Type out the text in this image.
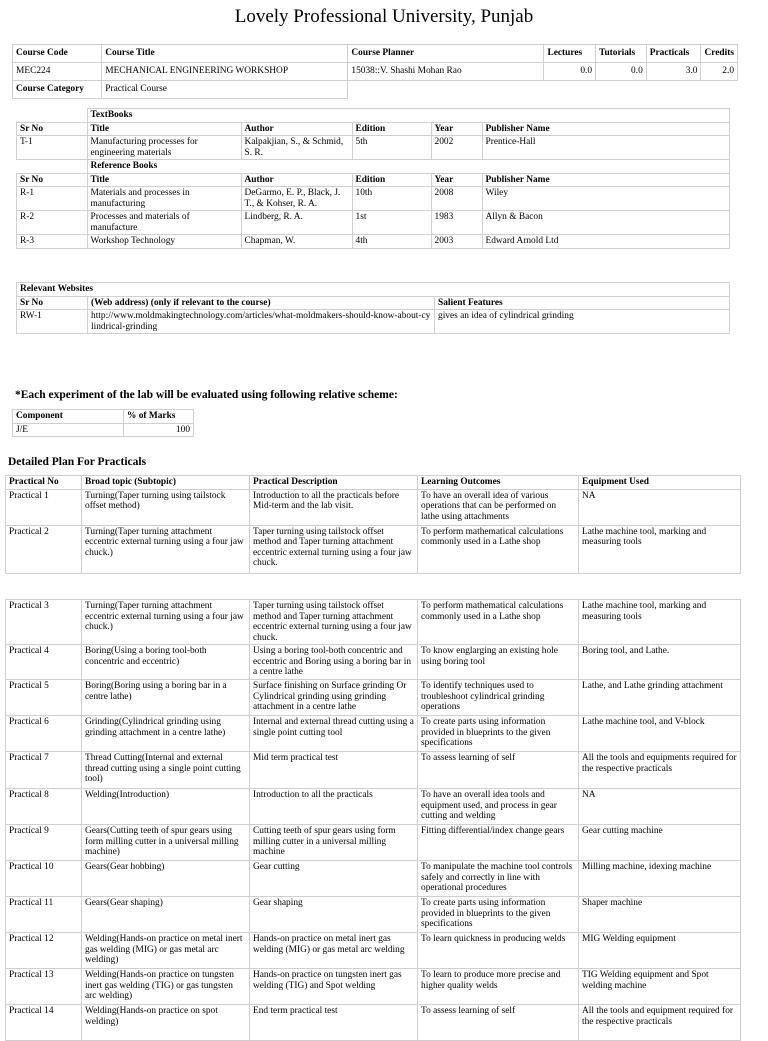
Lovely Professional University, Punjab
Course Code	Course Title	Course Planner	Lectures	Tutorials	Practicals	Credits
MEC224	MECHANICAL ENGINEERING WORKSHOP	15038::V. Shashi Mohan Rao	0.0	0.0	3.0	2.0
Course Category	Practical Course					
	TextBooks				
Sr No	Title	Author	Edition	Year	Publisher Name
T-1	Manufacturing processes for engineering materials	Kalpakjian, S., & Schmid, S. R.	5th	2002	Prentice-Hall
	Reference Books				
Sr No	Title	Author	Edition	Year	Publisher Name
R-1	Materials and processes in manufacturing	DeGarmo, E. P., Black, J. T., & Kohser, R. A.	10th	2008	Wiley
R-2	Processes and materials of manufacture	Lindberg, R. A.	1st	1983	Allyn & Bacon
R-3	Workshop Technology	Chapman, W.	4th	2003	Edward Arnold Ltd
Relevant Websites		
Sr No	(Web address) (only if relevant to the course)	Salient Features
RW-1	http://www.moldmakingtechnology.com/articles/what-moldmakers-should-know-about-cylindrical-grinding	gives an idea of cylindrical grinding
*Each experiment of the lab will be evaluated using following relative scheme:
Component	% of Marks
J/E	100
Detailed Plan For Practicals
Practical No	Broad topic (Subtopic)	Practical Description	Learning Outcomes	Equipment Used
Practical 1	Turning(Taper turning using tailstock offset method)	Introduction to all the practicals before Mid-term and the lab visit.	To have an overall idea of various operations that can be performed on lathe using attachments	NA
Practical 2	Turning(Taper turning attachment eccentric external turning using a four jaw chuck.)	Taper turning using tailstock offset method and Taper turning attachment eccentric external turning using a four jaw chuck.	To perform mathematical calculations commonly used in a Lathe shop	Lathe machine tool, marking and measuring tools
Practical 3	Turning(Taper turning attachment eccentric external turning using a four jaw chuck.)	Taper turning using tailstock offset method and Taper turning attachment eccentric external turning using a four jaw chuck.	To perform mathematical calculations commonly used in a Lathe shop	Lathe machine tool, marking and measuring tools
Practical 4	Boring(Using a boring tool-both concentric and eccentric)	Using a boring tool-both concentric and eccentric and Boring using a boring bar in a centre lathe	To know englarging an existing hole using boring tool	Boring tool, and Lathe.
Practical 5	Boring(Boring using a boring bar in a centre lathe)	Surface finishing on Surface grinding Or Cylindrical grinding using grinding attachment in a centre lathe	To identify techniques used to troubleshoot cylindrical grinding operations	Lathe, and Lathe grinding attachment
Practical 6	Grinding(Cylindrical grinding using grinding attachment in a centre lathe)	Internal and external thread cutting using a single point cutting tool	To create parts using information provided in blueprints to the given specifications	Lathe machine tool, and V-block
Practical 7	Thread Cutting(Internal and external thread cutting using a single point cutting tool)	Mid term practical test	To assess learning of self	All the tools and equipments required for the respective practicals
Practical 8	Welding(Introduction)	Introduction to all the practicals	To have an overall idea tools and equipment used, and process in gear cutting and welding	NA
Practical 9	Gears(Cutting teeth of spur gears using form milling cutter in a universal milling machine)	Cutting teeth of spur gears using form milling cutter in a universal milling machine	Fitting differential/index change gears	Gear cutting machine
Practical 10	Gears(Gear hobbing)	Gear cutting	To manipulate the machine tool controls safely and correctly in line with operational procedures	Milling machine, idexing machine
Practical 11	Gears(Gear shaping)	Gear shaping	To create parts using information provided in blueprints to the given specifications	Shaper machine
Practical 12	Welding(Hands-on practice on metal inert gas welding (MIG) or gas metal arc welding)	Hands-on practice on metal inert gas welding (MIG) or gas metal arc welding	To learn quickness in producing welds	MIG Welding equipment
Practical 13	Welding(Hands-on practice on tungsten inert gas welding (TIG) or gas tungsten arc welding)	Hands-on practice on tungsten inert gas welding (TIG) and Spot welding	To learn to produce more precise and higher quality welds	TIG Welding equipment and Spot welding machine
Practical 14	Welding(Hands-on practice on spot welding)	End term practical test	To assess learning of self	All the tools and equipment required for the respective practicals
